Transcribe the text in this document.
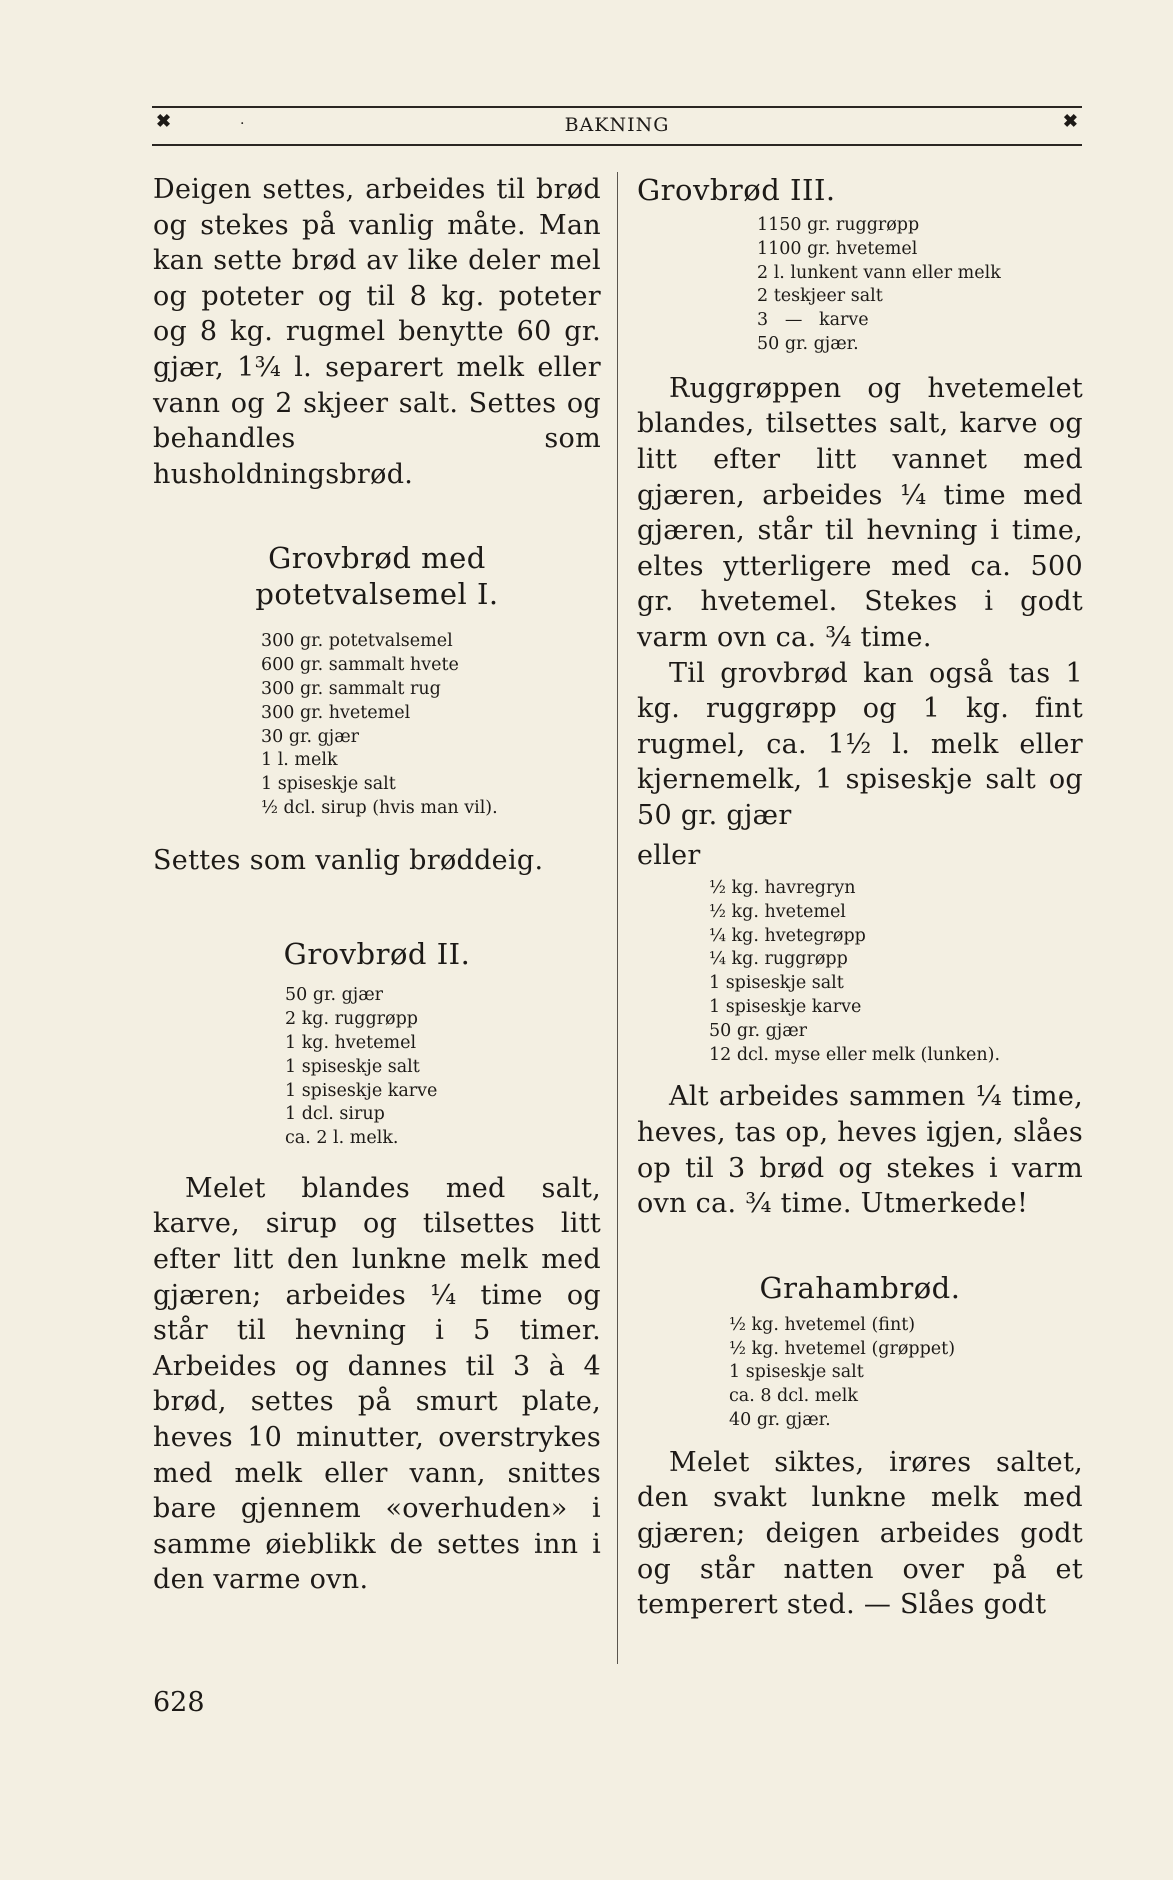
✖	.	BAKNING	✖

Deigen settes, arbeides til brød og stekes på vanlig måte. Man kan sette brød av like deler mel og poteter og til 8 kg. poteter og 8 kg. rugmel benytte 60 gr. gjær, 1¾ l. separert melk eller vann og 2 skjeer salt. Settes og behandles som husholdningsbrød.

Grovbrød med potetvalsemel I.
300 gr. potetvalsemel
600 gr. sammalt hvete
300 gr. sammalt rug
300 gr. hvetemel
30 gr. gjær
1 l. melk
1 spiseskje salt
½ dcl. sirup (hvis man vil).

Settes som vanlig brøddeig.

Grovbrød II.
50 gr. gjær
2 kg. ruggrøpp
1 kg. hvetemel
1 spiseskje salt
1 spiseskje karve
1 dcl. sirup
ca. 2 l. melk.

Melet blandes med salt, karve, sirup og tilsettes litt efter litt den lunkne melk med gjæren; arbeides ¼ time og står til hevning i 5 timer. Arbeides og dannes til 3 à 4 brød, settes på smurt plate, heves 10 minutter, overstrykes med melk eller vann, snittes bare gjennem «overhuden» i samme øieblikk de settes inn i den varme ovn.

Grovbrød III.
1150 gr. ruggrøpp
1100 gr. hvetemel
2 l. lunkent vann eller melk
2 teskjeer salt
3   —   karve
50 gr. gjær.

Ruggrøppen og hvetemelet blandes, tilsettes salt, karve og litt efter litt vannet med gjæren, arbeides ¼ time med gjæren, står til hevning i time, eltes ytterligere med ca. 500 gr. hvetemel. Stekes i godt varm ovn ca. ¾ time.

Til grovbrød kan også tas 1 kg. ruggrøpp og 1 kg. fint rugmel, ca. 1½ l. melk eller kjernemelk, 1 spiseskje salt og 50 gr. gjær

eller

½ kg. havregryn
½ kg. hvetemel
¼ kg. hvetegrøpp
¼ kg. ruggrøpp
1 spiseskje salt
1 spiseskje karve
50 gr. gjær
12 dcl. myse eller melk (lunken).

Alt arbeides sammen ¼ time, heves, tas op, heves igjen, slåes op til 3 brød og stekes i varm ovn ca. ¾ time. Utmerkede!

Grahambrød.
½ kg. hvetemel (fint)
½ kg. hvetemel (grøppet)
1 spiseskje salt
ca. 8 dcl. melk
40 gr. gjær.

Melet siktes, irøres saltet, den svakt lunkne melk med gjæren; deigen arbeides godt og står natten over på et temperert sted. — Slåes godt

628
